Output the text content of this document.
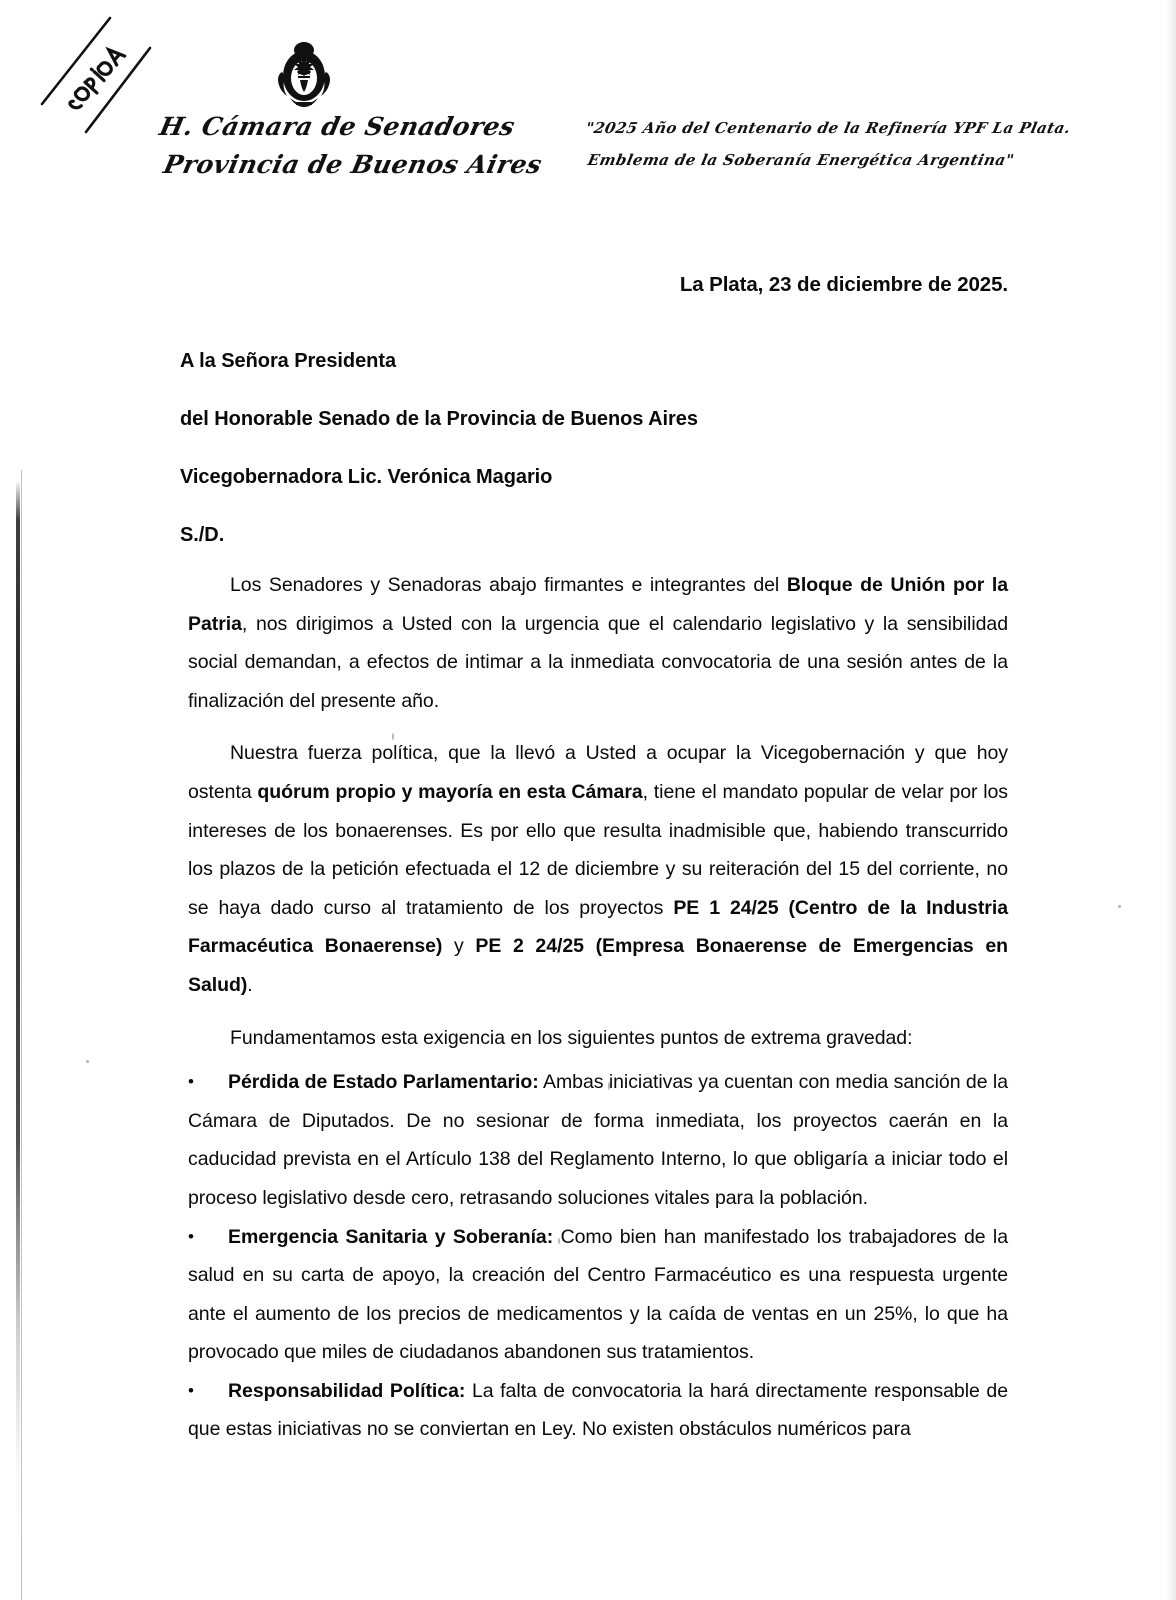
H. Cámara de Senadores
Provincia de Buenos Aires
"2025 Año del Centenario de la Refinería YPF La Plata.
Emblema de la Soberanía Energética Argentina"
La Plata, 23 de diciembre de 2025.
A la Señora Presidenta
del Honorable Senado de la Provincia de Buenos Aires
Vicegobernadora Lic. Verónica Magario
S./D.

Los Senadores y Senadoras abajo firmantes e integrantes del Bloque de Unión por la Patria, nos dirigimos a Usted con la urgencia que el calendario legislativo y la sensibilidad social demandan, a efectos de intimar a la inmediata convocatoria de una sesión antes de la finalización del presente año.

Nuestra fuerza política, que la llevó a Usted a ocupar la Vicegobernación y que hoy ostenta quórum propio y mayoría en esta Cámara, tiene el mandato popular de velar por los intereses de los bonaerenses. Es por ello que resulta inadmisible que, habiendo transcurrido los plazos de la petición efectuada el 12 de diciembre y su reiteración del 15 del corriente, no se haya dado curso al tratamiento de los proyectos PE 1 24/25 (Centro de la Industria Farmacéutica Bonaerense) y PE 2 24/25 (Empresa Bonaerense de Emergencias en Salud).

Fundamentamos esta exigencia en los siguientes puntos de extrema gravedad:

•	Pérdida de Estado Parlamentario: Ambas iniciativas ya cuentan con media sanción de la Cámara de Diputados. De no sesionar de forma inmediata, los proyectos caerán en la caducidad prevista en el Artículo 138 del Reglamento Interno, lo que obligaría a iniciar todo el proceso legislativo desde cero, retrasando soluciones vitales para la población.
•	Emergencia Sanitaria y Soberanía: Como bien han manifestado los trabajadores de la salud en su carta de apoyo, la creación del Centro Farmacéutico es una respuesta urgente ante el aumento de los precios de medicamentos y la caída de ventas en un 25%, lo que ha provocado que miles de ciudadanos abandonen sus tratamientos.
•	Responsabilidad Política: La falta de convocatoria la hará directamente responsable de que estas iniciativas no se conviertan en Ley. No existen obstáculos numéricos para
